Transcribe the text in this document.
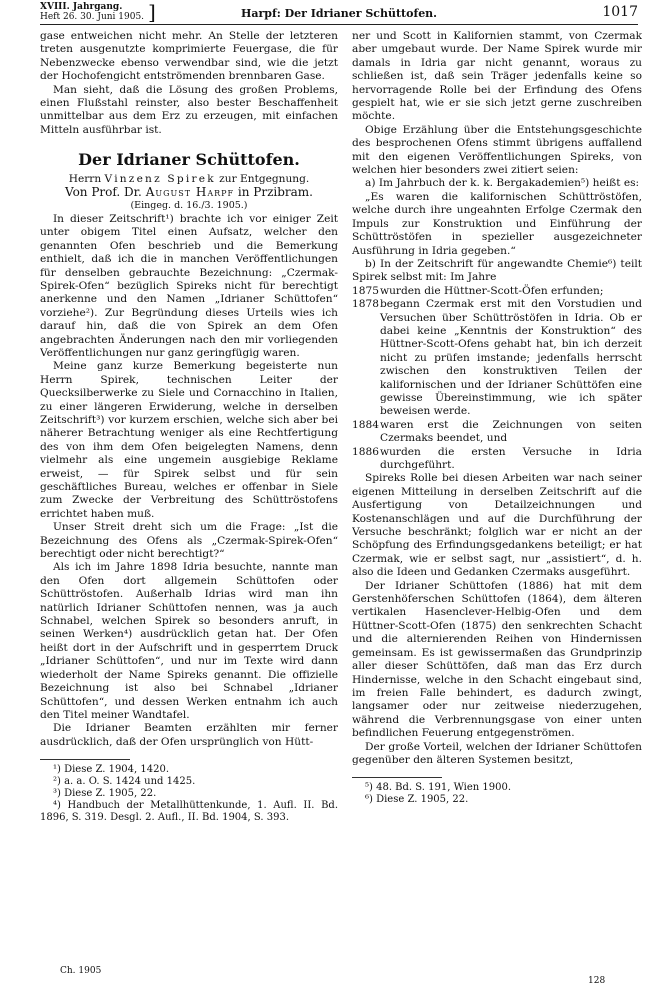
XVIII. Jahrgang.
Heft 26. 30. Juni 1905. ]	Harpf: Der Idrianer Schüttofen.	1017

gase entweichen nicht mehr. An Stelle der letzteren treten ausgenutzte komprimierte Feuergase, die für Nebenzwecke ebenso verwendbar sind, wie die jetzt der Hochofengicht entströmenden brennbaren Gase.

Man sieht, daß die Lösung des großen Problems, einen Flußstahl reinster, also bester Beschaffenheit unmittelbar aus dem Erz zu erzeugen, mit einfachen Mitteln ausführbar ist.

Der Idrianer Schüttofen.

Herrn Vinzenz Spirek zur Entgegnung.

Von Prof. Dr. August Harpf in Przibram.

(Eingeg. d. 16./3. 1905.)

In dieser Zeitschrift¹) brachte ich vor einiger Zeit unter obigem Titel einen Aufsatz, welcher den genannten Ofen beschrieb und die Bemerkung enthielt, daß ich die in manchen Veröffentlichungen für denselben gebrauchte Bezeichnung: „Czermak-Spirek-Ofen“ bezüglich Spireks nicht für berechtigt anerkenne und den Namen „Idrianer Schüttofen“ vorziehe²). Zur Begründung dieses Urteils wies ich darauf hin, daß die von Spirek an dem Ofen angebrachten Änderungen nach den mir vorliegenden Veröffentlichungen nur ganz geringfügig waren.

Meine ganz kurze Bemerkung begeisterte nun Herrn Spirek, technischen Leiter der Quecksilberwerke zu Siele und Cornacchino in Italien, zu einer längeren Erwiderung, welche in derselben Zeitschrift³) vor kurzem erschien, welche sich aber bei näherer Betrachtung weniger als eine Rechtfertigung des von ihm dem Ofen beigelegten Namens, denn vielmehr als eine ungemein ausgiebige Reklame erweist, — für Spirek selbst und für sein geschäftliches Bureau, welches er offenbar in Siele zum Zwecke der Verbreitung des Schüttröstofens errichtet haben muß.

Unser Streit dreht sich um die Frage: „Ist die Bezeichnung des Ofens als „Czermak-Spirek-Ofen“ berechtigt oder nicht berechtigt?“

Als ich im Jahre 1898 Idria besuchte, nannte man den Ofen dort allgemein Schüttofen oder Schüttröstofen. Außerhalb Idrias wird man ihn natürlich Idrianer Schüttofen nennen, was ja auch Schnabel, welchen Spirek so besonders anruft, in seinen Werken⁴) ausdrücklich getan hat. Der Ofen heißt dort in der Aufschrift und in gesperrtem Druck „Idrianer Schüttofen“, und nur im Texte wird dann wiederholt der Name Spireks genannt. Die offizielle Bezeichnung ist also bei Schnabel „Idrianer Schüttofen“, und dessen Werken entnahm ich auch den Titel meiner Wandtafel.

Die Idrianer Beamten erzählten mir ferner ausdrücklich, daß der Ofen ursprünglich von Hütt-

¹) Diese Z. 1904, 1420.

²) a. a. O. S. 1424 und 1425.

³) Diese Z. 1905, 22.

⁴) Handbuch der Metallhüttenkunde, 1. Aufl. II. Bd. 1896, S. 319. Desgl. 2. Aufl., II. Bd. 1904, S. 393.

ner und Scott in Kalifornien stammt, von Czermak aber umgebaut wurde. Der Name Spirek wurde mir damals in Idria gar nicht genannt, woraus zu schließen ist, daß sein Träger jedenfalls keine so hervorragende Rolle bei der Erfindung des Ofens gespielt hat, wie er sie sich jetzt gerne zuschreiben möchte.

Obige Erzählung über die Entstehungsgeschichte des besprochenen Ofens stimmt übrigens auffallend mit den eigenen Veröffentlichungen Spireks, von welchen hier besonders zwei zitiert seien:

a) Im Jahrbuch der k. k. Bergakademien⁵) heißt es:

„Es waren die kalifornischen Schüttröstöfen, welche durch ihre ungeahnten Erfolge Czermak den Impuls zur Konstruktion und Einführung der Schüttröstöfen in spezieller ausgezeichneter Ausführung in Idria gegeben.“

b) In der Zeitschrift für angewandte Chemie⁶) teilt Spirek selbst mit: Im Jahre

1875 wurden die Hüttner-Scott-Öfen erfunden;
1878 begann Czermak erst mit den Vorstudien und Versuchen über Schüttröstöfen in Idria. Ob er dabei keine „Kenntnis der Konstruktion“ des Hüttner-Scott-Ofens gehabt hat, bin ich derzeit nicht zu prüfen imstande; jedenfalls herrscht zwischen den konstruktiven Teilen der kalifornischen und der Idrianer Schüttöfen eine gewisse Übereinstimmung, wie ich später beweisen werde.
1884 waren erst die Zeichnungen von seiten Czermaks beendet, und
1886 wurden die ersten Versuche in Idria durchgeführt.

Spireks Rolle bei diesen Arbeiten war nach seiner eigenen Mitteilung in derselben Zeitschrift auf die Ausfertigung von Detailzeichnungen und Kostenanschlägen und auf die Durchführung der Versuche beschränkt; folglich war er nicht an der Schöpfung des Erfindungsgedankens beteiligt; er hat Czermak, wie er selbst sagt, nur „assistiert“, d. h. also die Ideen und Gedanken Czermaks ausgeführt.

Der Idrianer Schüttofen (1886) hat mit dem Gerstenhöferschen Schüttofen (1864), dem älteren vertikalen Hasenclever-Helbig-Ofen und dem Hüttner-Scott-Ofen (1875) den senkrechten Schacht und die alternierenden Reihen von Hindernissen gemeinsam. Es ist gewissermaßen das Grundprinzip aller dieser Schüttöfen, daß man das Erz durch Hindernisse, welche in den Schacht eingebaut sind, im freien Falle behindert, es dadurch zwingt, langsamer oder nur zeitweise niederzugehen, während die Verbrennungsgase von einer unten befindlichen Feuerung entgegenströmen.

Der große Vorteil, welchen der Idrianer Schüttofen gegenüber den älteren Systemen besitzt,

⁵) 48. Bd. S. 191, Wien 1900.

⁶) Diese Z. 1905, 22.

Ch. 1905
128
